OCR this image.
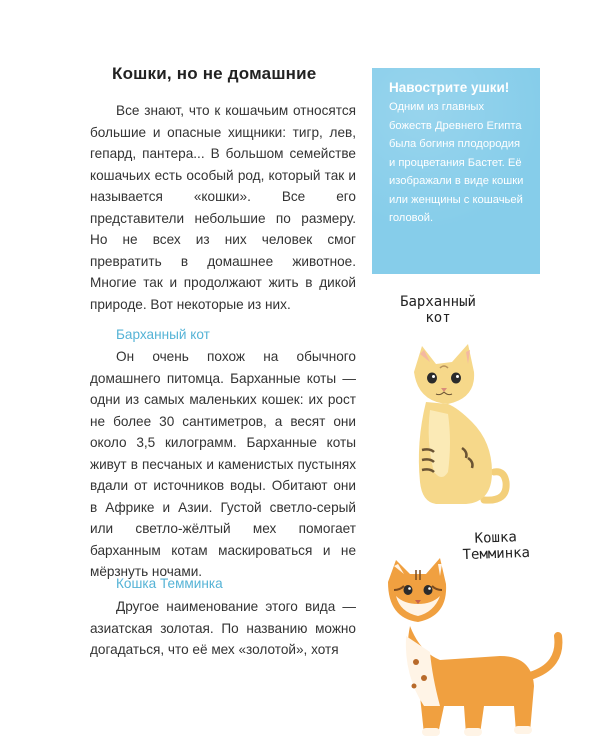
Кошки, но не домашние

Все знают, что к кошачьим относятся большие и опасные хищники: тигр, лев, гепард, пантера... В большом семействе кошачьих есть особый род, который так и называется «кошки». Все его представители небольшие по размеру. Но не всех из них человек смог превратить в домашнее животное. Многие так и продолжают жить в дикой природе. Вот некоторые из них.

Барханный кот

Он очень похож на обычного домашнего питомца. Барханные коты — одни из самых маленьких кошек: их рост не более 30 сантиметров, а весят они около 3,5 килограмм. Барханные коты живут в песчаных и каменистых пустынях вдали от источников воды. Обитают они в Африке и Азии. Густой светло-серый или светло-жёлтый мех помогает барханным котам маскироваться и не мёрзнуть ночами.

Кошка Темминка

Другое наименование этого вида — азиатская золотая. По названию можно догадаться, что её мех «золотой», хотя

Навострите ушки!
Одним из главных божеств Древнего Египта была богиня плодородия и процветания Бастет. Её изображали в виде кошки или женщины с кошачьей головой.
Барханный
кот
Кошка
Темминка
